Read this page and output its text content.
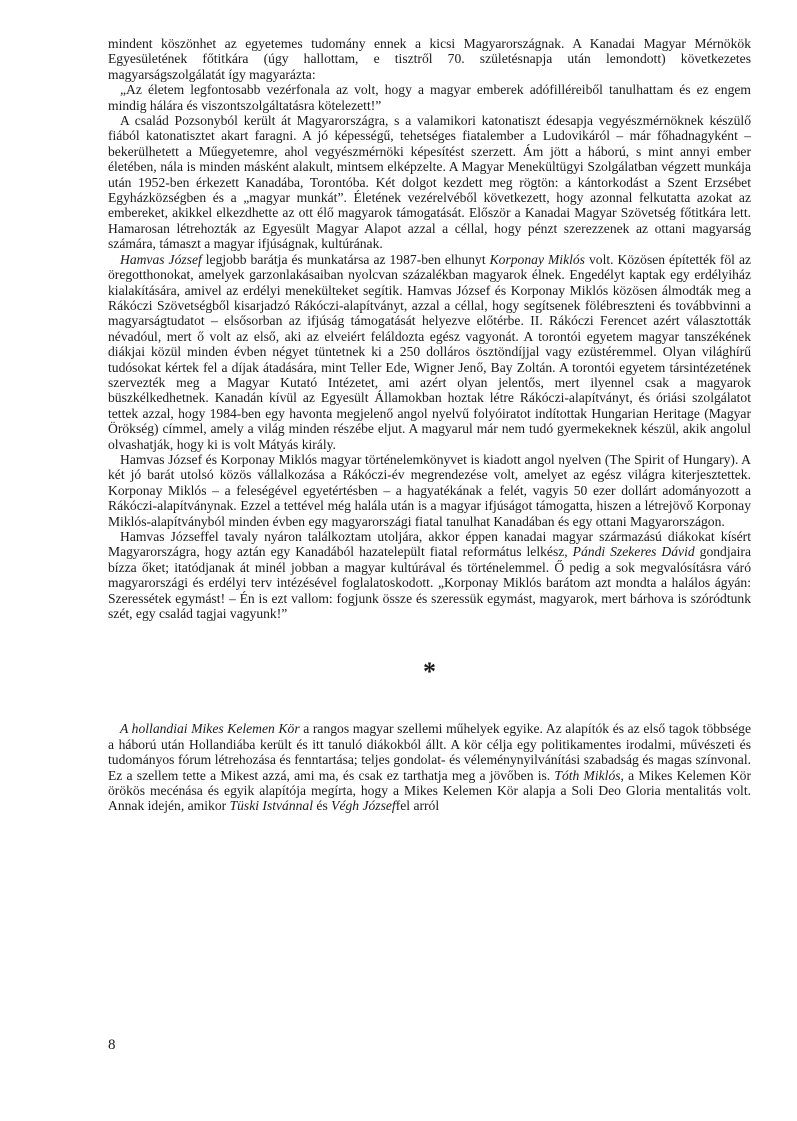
mindent köszönhet az egyetemes tudomány ennek a kicsi Magyarországnak. A Kanadai Magyar Mérnökök Egyesületének főtitkára (úgy hallottam, e tisztről 70. születésnapja után lemondott) következetes magyarságszolgálatát így magyarázta:

„Az életem legfontosabb vezérfonala az volt, hogy a magyar emberek adófilléreiből tanulhattam és ez engem mindig hálára és viszontszolgáltatásra kötelezett!”

A család Pozsonyból került át Magyarországra, s a valamikori katonatiszt édesapja vegyészmérnöknek készülő fiából katonatisztet akart faragni. A jó képességű, tehetséges fiatalember a Ludovikáról – már főhadnagyként – bekerülhetett a Műegyetemre, ahol vegyészmérnöki képesítést szerzett. Ám jött a háború, s mint annyi ember életében, nála is minden másként alakult, mintsem elképzelte. A Magyar Menekültügyi Szolgálatban végzett munkája után 1952-ben érkezett Kanadába, Torontóba. Két dolgot kezdett meg rögtön: a kántorkodást a Szent Erzsébet Egyházközségben és a „magyar munkát”. Életének vezérelvéből következett, hogy azonnal felkutatta azokat az embereket, akikkel elkezdhette az ott élő magyarok támogatását. Először a Kanadai Magyar Szövetség főtitkára lett. Hamarosan létrehozták az Egyesült Magyar Alapot azzal a céllal, hogy pénzt szerezzenek az ottani magyarság számára, támaszt a magyar ifjúságnak, kultúrának.

Hamvas József legjobb barátja és munkatársa az 1987-ben elhunyt Korponay Miklós volt. Közösen építették föl az öregotthonokat, amelyek garzonlakásaiban nyolcvan százalékban magyarok élnek. Engedélyt kaptak egy erdélyiház kialakítására, amivel az erdélyi menekülteket segítik. Hamvas József és Korponay Miklós közösen álmodták meg a Rákóczi Szövetségből kisarjadzó Rákóczi-alapítványt, azzal a céllal, hogy segítsenek fölébreszteni és továbbvinni a magyarságtudatot – elsősorban az ifjúság támogatását helyezve előtérbe. II. Rákóczi Ferencet azért választották névadóul, mert ő volt az első, aki az elveiért feláldozta egész vagyonát. A torontói egyetem magyar tanszékének diákjai közül minden évben négyet tüntetnek ki a 250 dolláros ösztöndíjjal vagy ezüstéremmel. Olyan világhírű tudósokat kértek fel a díjak átadására, mint Teller Ede, Wigner Jenő, Bay Zoltán. A torontói egyetem társintézetének szervezték meg a Magyar Kutató Intézetet, ami azért olyan jelentős, mert ilyennel csak a magyarok büszkélkedhetnek. Kanadán kívül az Egyesült Államokban hoztak létre Rákóczi-alapítványt, és óriási szolgálatot tettek azzal, hogy 1984-ben egy havonta megjelenő angol nyelvű folyóiratot indítottak Hungarian Heritage (Magyar Örökség) címmel, amely a világ minden részébe eljut. A magyarul már nem tudó gyermekeknek készül, akik angolul olvashatják, hogy ki is volt Mátyás király.

Hamvas József és Korponay Miklós magyar történelemkönyvet is kiadott angol nyelven (The Spirit of Hungary). A két jó barát utolsó közös vállalkozása a Rákóczi-év megrendezése volt, amelyet az egész világra kiterjesztettek. Korponay Miklós – a feleségével egyetértésben – a hagyatékának a felét, vagyis 50 ezer dollárt adományozott a Rákóczi-alapítványnak. Ezzel a tettével még halála után is a magyar ifjúságot támogatta, hiszen a létrejövő Korponay Miklós-alapítványból minden évben egy magyarországi fiatal tanulhat Kanadában és egy ottani Magyarországon.

Hamvas Józseffel tavaly nyáron találkoztam utoljára, akkor éppen kanadai magyar származású diákokat kísért Magyarországra, hogy aztán egy Kanadából hazatelepült fiatal református lelkész, Pándi Szekeres Dávid gondjaira bízza őket; itatódjanak át minél jobban a magyar kultúrával és történelemmel. Ő pedig a sok megvalósításra váró magyarországi és erdélyi terv intézésével foglalatoskodott. „Korponay Miklós barátom azt mondta a halálos ágyán: Szeressétek egymást! – Én is ezt vallom: fogjunk össze és szeressük egymást, magyarok, mert bárhova is szóródtunk szét, egy család tagjai vagyunk!”

*

A hollandiai Mikes Kelemen Kör a rangos magyar szellemi műhelyek egyike. Az alapítók és az első tagok többsége a háború után Hollandiába került és itt tanuló diákokból állt. A kör célja egy politikamentes irodalmi, művészeti és tudományos fórum létrehozása és fenntartása; teljes gondolat- és véleménynyilvánítási szabadság és magas színvonal. Ez a szellem tette a Mikest azzá, ami ma, és csak ez tarthatja meg a jövőben is. Tóth Miklós, a Mikes Kelemen Kör örökös mecénása és egyik alapítója megírta, hogy a Mikes Kelemen Kör alapja a Soli Deo Gloria mentalitás volt. Annak idején, amikor Tüski Istvánnal és Végh Józseffel arról

8
